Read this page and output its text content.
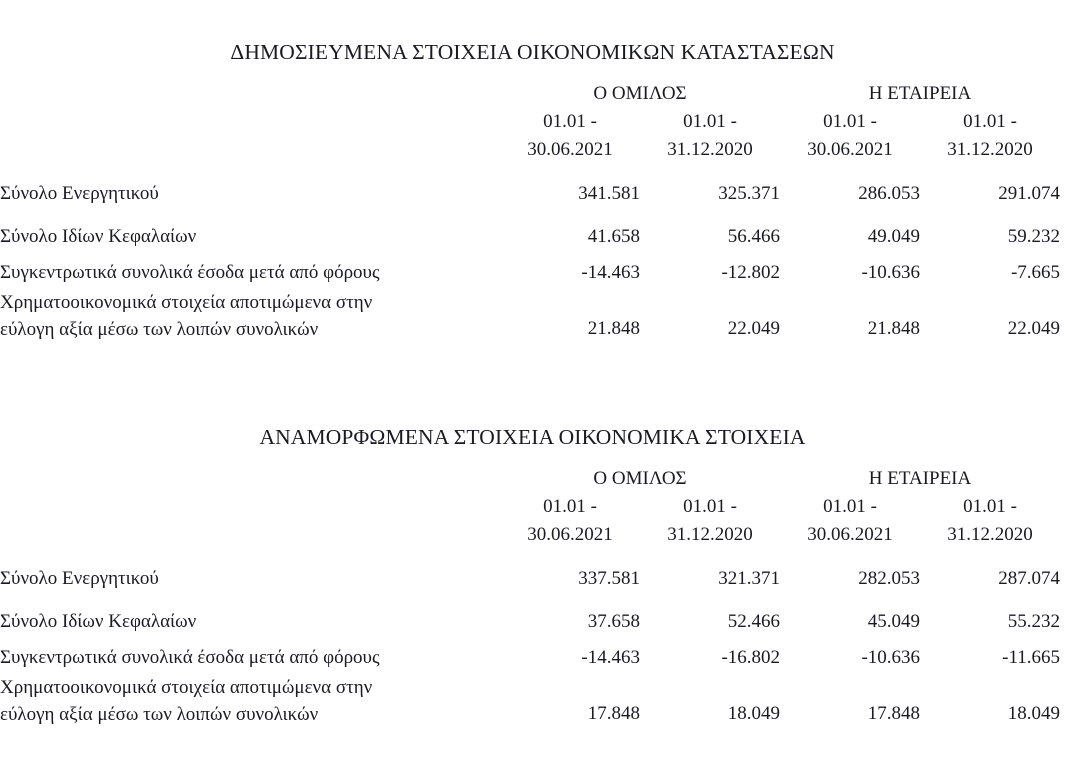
ΔΗΜΟΣΙΕΥΜΕΝΑ ΣΤΟΙΧΕΙΑ ΟΙΚΟΝΟΜΙΚΩΝ ΚΑΤΑΣΤΑΣΕΩΝ
	Ο ΟΜΙΛΟΣ		Η ΕΤΑΙΡΕΙΑ		
	01.01 -	01.01 -	01.01 -	01.01 -	
	30.06.2021	31.12.2020	30.06.2021	31.12.2020	
Σύνολο Ενεργητικού	341.581	325.371	286.053	291.074	
Σύνολο Ιδίων Κεφαλαίων	41.658	56.466	49.049	59.232	
Συγκεντρωτικά συνολικά έσοδα μετά από φόρους	-14.463	-12.802	-10.636	-7.665	

Χρηματοοικονομικά στοιχεία αποτιμώμενα στην
εύλογη αξία μέσω των λοιπών συνολικών	21.848	22.049	21.848	22.049	
ΑΝΑΜΟΡΦΩΜΕΝΑ ΣΤΟΙΧΕΙΑ ΟΙΚΟΝΟΜΙΚΑ ΣΤΟΙΧΕΙΑ
	Ο ΟΜΙΛΟΣ		Η ΕΤΑΙΡΕΙΑ		
	01.01 -	01.01 -	01.01 -	01.01 -	
	30.06.2021	31.12.2020	30.06.2021	31.12.2020	
Σύνολο Ενεργητικού	337.581	321.371	282.053	287.074	
Σύνολο Ιδίων Κεφαλαίων	37.658	52.466	45.049	55.232	
Συγκεντρωτικά συνολικά έσοδα μετά από φόρους	-14.463	-16.802	-10.636	-11.665	

Χρηματοοικονομικά στοιχεία αποτιμώμενα στην
εύλογη αξία μέσω των λοιπών συνολικών	17.848	18.049	17.848	18.049	
